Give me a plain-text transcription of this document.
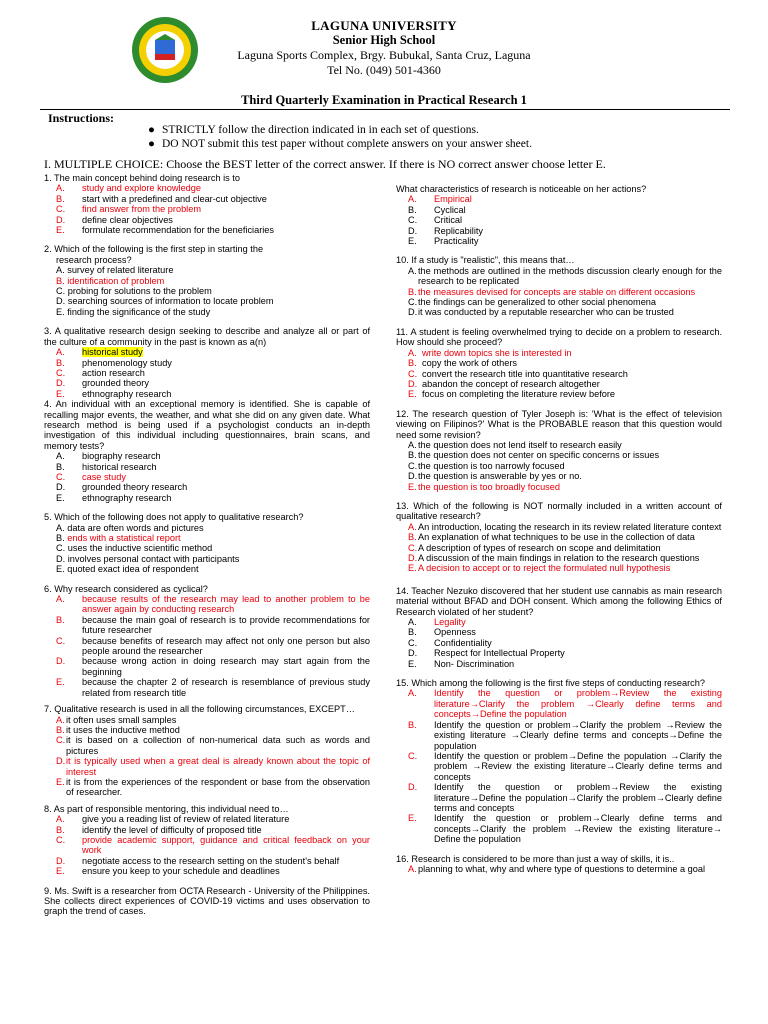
LAGUNA UNIVERSITY
Senior High School
Laguna Sports Complex, Brgy. Bubukal, Santa Cruz, Laguna
Tel No. (049) 501-4360
Third Quarterly Examination in Practical Research 1
Instructions:
● STRICTLY follow the direction indicated in in each set of questions.
● DO NOT submit this test paper without complete answers on your answer sheet.
I. MULTIPLE CHOICE: Choose the BEST letter of the correct answer. If there is NO correct answer choose letter E.
1. The main concept behind doing research is to
A.	study and explore knowledge
B.	start with a predefined and clear-cut objective
C.	find answer from the problem
D.	define clear objectives
E.	formulate recommendation for the beneficiaries
2. Which of the following is the first step in starting the
research process?
A. survey of related literature
B. identification of problem
C. probing for solutions to the problem
D. searching sources of information to locate problem
E. finding the significance of the study
3. A qualitative research design seeking to describe and analyze all or part of the culture of a community in the past is known as a(n)
A.	historical study
B.	phenomenology study
C.	action research
D.	grounded theory
E.	ethnography research
4. An individual with an exceptional memory is identified. She is capable of recalling major events, the weather, and what she did on any given date. What research method is being used if a psychologist conducts an in-depth investigation of this individual including questionnaires, brain scans, and memory tests?
A.	biography research
B.	historical research
C.	case study
D.	grounded theory research
E.	ethnography research
5. Which of the following does not apply to qualitative research?
A. data are often words and pictures
B. ends with a statistical report
C. uses the inductive scientific method
D. involves personal contact with participants
E. quoted exact idea of respondent
6. Why research considered as cyclical?
A.	because results of the research may lead to another problem to be answer again by conducting research
B.	because the main goal of research is to provide recommendations for future researcher
C.	because benefits of research may affect not only one person but also people around the researcher
D.	because wrong action in doing research may start again from the beginning
E.	because the chapter 2 of research is resemblance of previous study related from research title
7. Qualitative research is used in all the following circumstances, EXCEPT…
A. it often uses small samples
B. it uses the inductive method
C. it is based on a collection of non-numerical data such as words and pictures
D. it is typically used when a great deal is already known about the topic of interest
E. it is from the experiences of the respondent or base from the observation of researcher.
8. As part of responsible mentoring, this individual need to…
A.	give you a reading list of review of related literature
B.	identify the level of difficulty of proposed title
C.	provide academic support, guidance and critical feedback on your work
D.	negotiate access to the research setting on the student's behalf
E.	ensure you keep to your schedule and deadlines
9. Ms. Swift is a researcher from OCTA Research - University of the Philippines. She collects direct experiences of COVID-19 victims and uses observation to graph the trend of cases.
What characteristics of research is noticeable on her actions?
A.	Empirical
B.	Cyclical
C.	Critical
D.	Replicability
E.	Practicality
10. If a study is "realistic", this means that…
A. the methods are outlined in the methods discussion clearly enough for the research to be replicated
B. the measures devised for concepts are stable on different occasions
C. the findings can be generalized to other social phenomena
D. it was conducted by a reputable researcher who can be trusted
11. A student is feeling overwhelmed trying to decide on a problem to research. How should she proceed?
A. write down topics she is interested in
B. copy the work of others
C. convert the research title into quantitative research
D. abandon the concept of research altogether
E. focus on completing the literature review before
12. The research question of Tyler Joseph is: 'What is the effect of television viewing on Filipinos?' What is the PROBABLE reason that this question would need some revision?
A. the question does not lend itself to research easily
B. the question does not center on specific concerns or issues
C. the question is too narrowly focused
D. the question is answerable by yes or no.
E. the question is too broadly focused
13. Which of the following is NOT normally included in a written account of qualitative research?
A. An introduction, locating the research in its review related literature context
B. An explanation of what techniques to be use in the collection of data
C. A description of types of research on scope and delimitation
D. A discussion of the main findings in relation to the research questions
E. A decision to accept or to reject the formulated null hypothesis
14. Teacher Nezuko discovered that her student use cannabis as main research material without BFAD and DOH consent. Which among the following Ethics of Research violated of her student?
A.	Legality
B.	Openness
C.	Confidentiality
D.	Respect for Intellectual Property
E.	Non- Discrimination
15. Which among the following is the first five steps of conducting research?
A.	Identify the question or problem→Review the existing literature→Clarify the problem →Clearly define terms and concepts→Define the population
B.	Identify the question or problem→Clarify the problem →Review the existing literature →Clearly define terms and concepts→Define the population
C.	Identify the question or problem→Define the population →Clarify the problem →Review the existing literature→Clearly define terms and concepts
D.	Identify the question or problem→Review the existing literature→Define the population→Clarify the problem→Clearly define terms and concepts
E.	Identify the question or problem→Clearly define terms and concepts→Clarify the problem →Review the existing literature→ Define the population
16. Research is considered to be more than just a way of skills, it is..
A. planning to what, why and where type of questions to determine a goal
